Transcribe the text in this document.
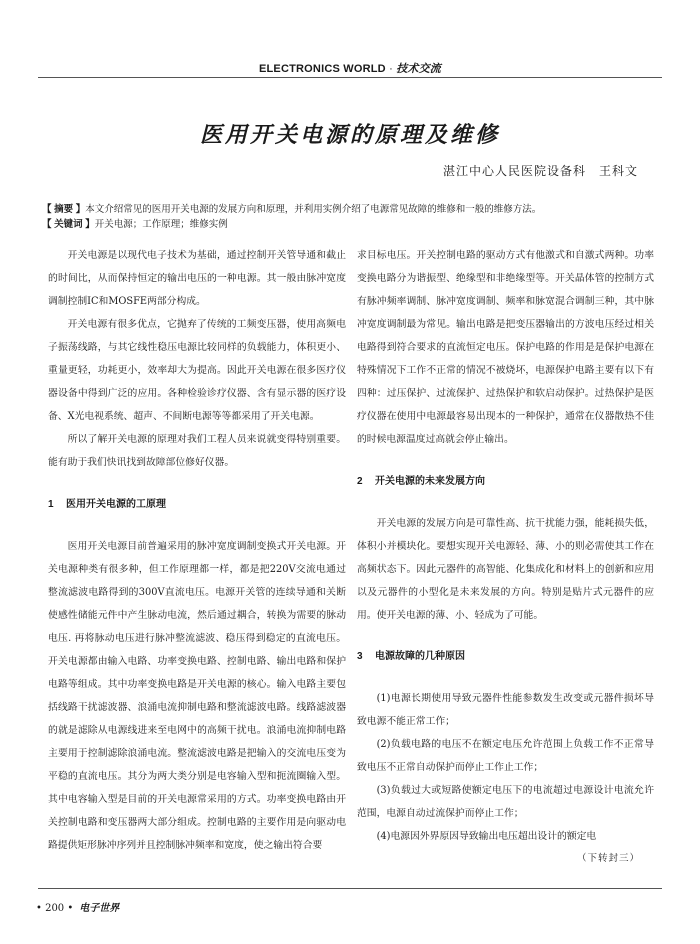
ELECTRONICS WORLD · 技术交流
医用开关电源的原理及维修
湛江中心人民医院设备科　王科文
【 摘要 】本文介绍常见的医用开关电源的发展方向和原理，并利用实例介绍了电源常见故障的维修和一般的维修方法。
【 关键词 】开关电源；工作原理；维修实例

开关电源是以现代电子技术为基础，通过控制开关管导通和截止的时间比，从而保持恒定的输出电压的一种电源。其一般由脉冲宽度调制控制IC和MOSFE两部分构成。

开关电源有很多优点，它抛弃了传统的工频变压器，使用高频电子振荡线路，与其它线性稳压电源比较同样的负载能力，体积更小、重量更轻，功耗更小，效率却大为提高。因此开关电源在很多医疗仪器设备中得到广泛的应用。各种检验诊疗仪器、含有显示器的医疗设备、X光电视系统、超声、不间断电源等等都采用了开关电源。

所以了解开关电源的原理对我们工程人员来说就变得特别重要。能有助于我们快讯找到故障部位修好仪器。

1 医用开关电源的工原理

医用开关电源目前普遍采用的脉冲宽度调制变换式开关电源。开关电源种类有很多种，但工作原理都一样，都是把220V交流电通过整流滤波电路得到的300V直流电压。电源开关管的连续导通和关断使感性储能元件中产生脉动电流，然后通过耦合，转换为需要的脉动电压. 再将脉动电压进行脉冲整流滤波、稳压得到稳定的直流电压。开关电源都由输入电路、功率变换电路、控制电路、输出电路和保护电路等组成。其中功率变换电路是开关电源的核心。输入电路主要包括线路干扰滤波器、浪涌电流抑制电路和整流滤波电路。线路滤波器的就是滤除从电源线进来至电网中的高频干扰电。浪涌电流抑制电路主要用于控制滤除浪涌电流。整流滤波电路是把输入的交流电压变为平稳的直流电压。其分为两大类分别是电容输入型和扼流圈输入型。其中电容输入型是目前的开关电源常采用的方式。功率变换电路由开关控制电路和变压器两大部分组成。控制电路的主要作用是向驱动电路提供矩形脉冲序列并且控制脉冲频率和宽度，使之输出符合要

求目标电压。开关控制电路的驱动方式有他激式和自激式两种。功率变换电路分为谐振型、绝缘型和非绝缘型等。开关晶体管的控制方式有脉冲频率调制、脉冲宽度调制、频率和脉宽混合调制三种，其中脉冲宽度调制最为常见。输出电路是把变压器输出的方波电压经过相关电路得到符合要求的直流恒定电压。保护电路的作用是是保护电源在特殊情况下工作不正常的情况不被烧坏，电源保护电路主要有以下有四种：过压保护、过流保护、过热保护和软启动保护。过热保护是医疗仪器在使用中电源最容易出现本的一种保护，通常在仪器散热不佳的时候电源温度过高就会停止输出。

2 开关电源的未来发展方向

开关电源的发展方向是可靠性高、抗干扰能力强，能耗损失低，体积小并模块化。要想实现开关电源轻、薄、小的则必需使其工作在高频状态下。因此元器件的高智能、化集成化和材料上的创新和应用以及元器件的小型化是未来发展的方向。特别是贴片式元器件的应用。使开关电源的薄、小、轻成为了可能。

3 电源故障的几种原因

(1)电源长期使用导致元器件性能参数发生改变或元器件损坏导致电源不能正常工作；

(2)负载电路的电压不在额定电压允许范围上负载工作不正常导致电压不正常自动保护而停止工作止工作；

(3)负载过大或短路使额定电压下的电流超过电源设计电流允许范围，电源自动过流保护而停止工作；

(4)电源因外界原因导致输出电压超出设计的额定电

（下转封三）

• 200 • 电子世界
